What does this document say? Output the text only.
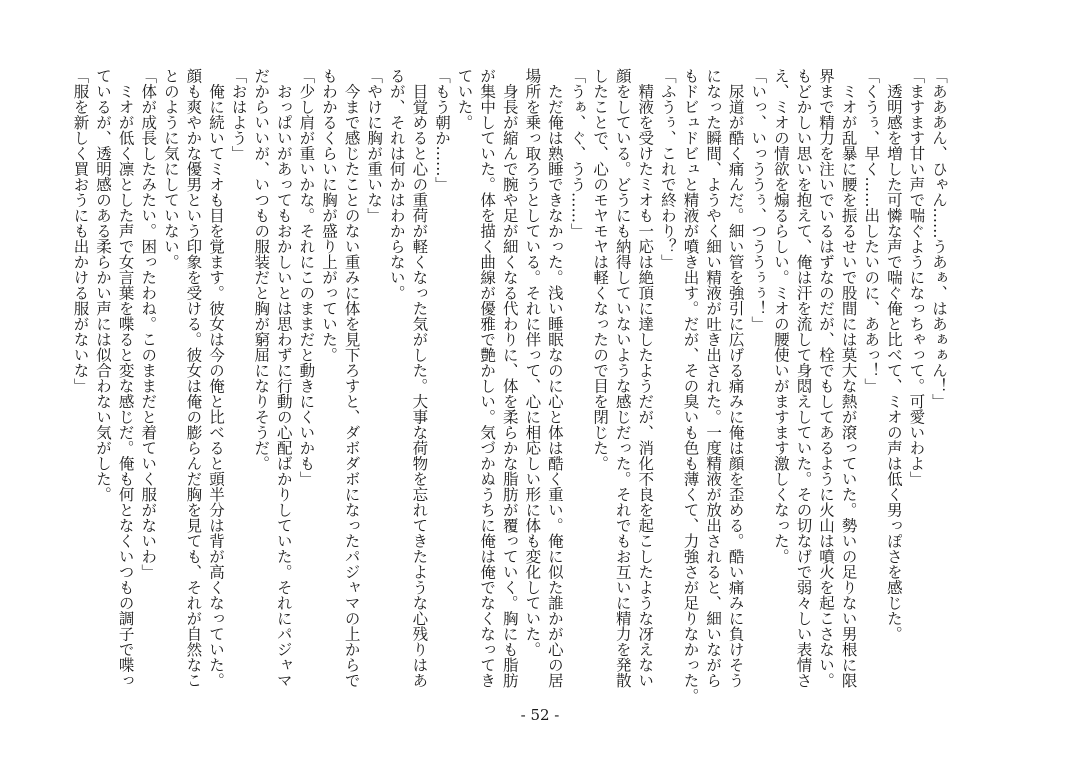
「あああん、ひゃん……うあぁ、はあぁぁん！」

「ますます甘い声で喘ぐようになっちゃって。可愛いわよ」

　透明感を増した可憐な声で喘ぐ俺と比べて、ミオの声は低く男っぽさを感じた。

「くうぅ、早く……出したいのに、ああっ！」

　ミオが乱暴に腰を振るせいで股間には莫大な熱が滾っていた。勢いの足りない男根に限
界まで精力を注いでいるはずなのだが、栓でもしてあるように火山は噴火を起こさない。
もどかしい思いを抱えて、俺は汗を流して身悶えしていた。その切なげで弱々しい表情さ
え、ミオの情欲を煽るらしい。ミオの腰使いがますます激しくなった。

「いっ、いっううぅ、つううぅぅ！」

　尿道が酷く痛んだ。細い管を強引に広げる痛みに俺は顔を歪める。酷い痛みに負けそう
になった瞬間、ようやく細い精液が吐き出された。一度精液が放出されると、細いながら
もドビュドビュと精液が噴き出す。だが、その臭いも色も薄くて、力強さが足りなかった。

「ふうぅ、これで終わり？」

　精液を受けたミオも一応は絶頂に達したようだが、消化不良を起こしたような冴えない
顔をしている。どうにも納得していないような感じだった。それでもお互いに精力を発散
したことで、心のモヤモヤは軽くなったので目を閉じた。

「うぁ、ぐ、うう……」

　ただ俺は熟睡できなかった。浅い睡眠なのに心と体は酷く重い。俺に似た誰かが心の居
場所を乗っ取ろうとしている。それに伴って、心に相応しい形に体も変化していた。

　身長が縮んで腕や足が細くなる代わりに、体を柔らかな脂肪が覆っていく。胸にも脂肪
が集中していた。体を描く曲線が優雅で艶かしい。気づかぬうちに俺は俺でなくなってき
ていた。

「もう朝か……」

　目覚めると心の重荷が軽くなった気がした。大事な荷物を忘れてきたような心残りはあ
るが、それは何かはわからない。

「やけに胸が重いな」

　今まで感じたことのない重みに体を見下ろすと、ダボダボになったパジャマの上からで
もわかるくらいに胸が盛り上がっていた。

「少し肩が重いかな。それにこのままだと動きにくいかも」

　おっぱいがあってもおかしいとは思わずに行動の心配ばかりしていた。それにパジャマ
だからいいが、いつもの服装だと胸が窮屈になりそうだ。

「おはよう」

　俺に続いてミオも目を覚ます。彼女は今の俺と比べると頭半分は背が高くなっていた。
顔も爽やかな優男という印象を受ける。彼女は俺の膨らんだ胸を見ても、それが自然なこ
とのように気にしていない。

「体が成長したみたい。困ったわね。このままだと着ていく服がないわ」

　ミオが低く凛とした声で女言葉を喋ると変な感じだ。俺も何となくいつもの調子で喋っ
ているが、透明感のある柔らかい声には似合わない気がした。

「服を新しく買おうにも出かける服がないな」

- 52 -
